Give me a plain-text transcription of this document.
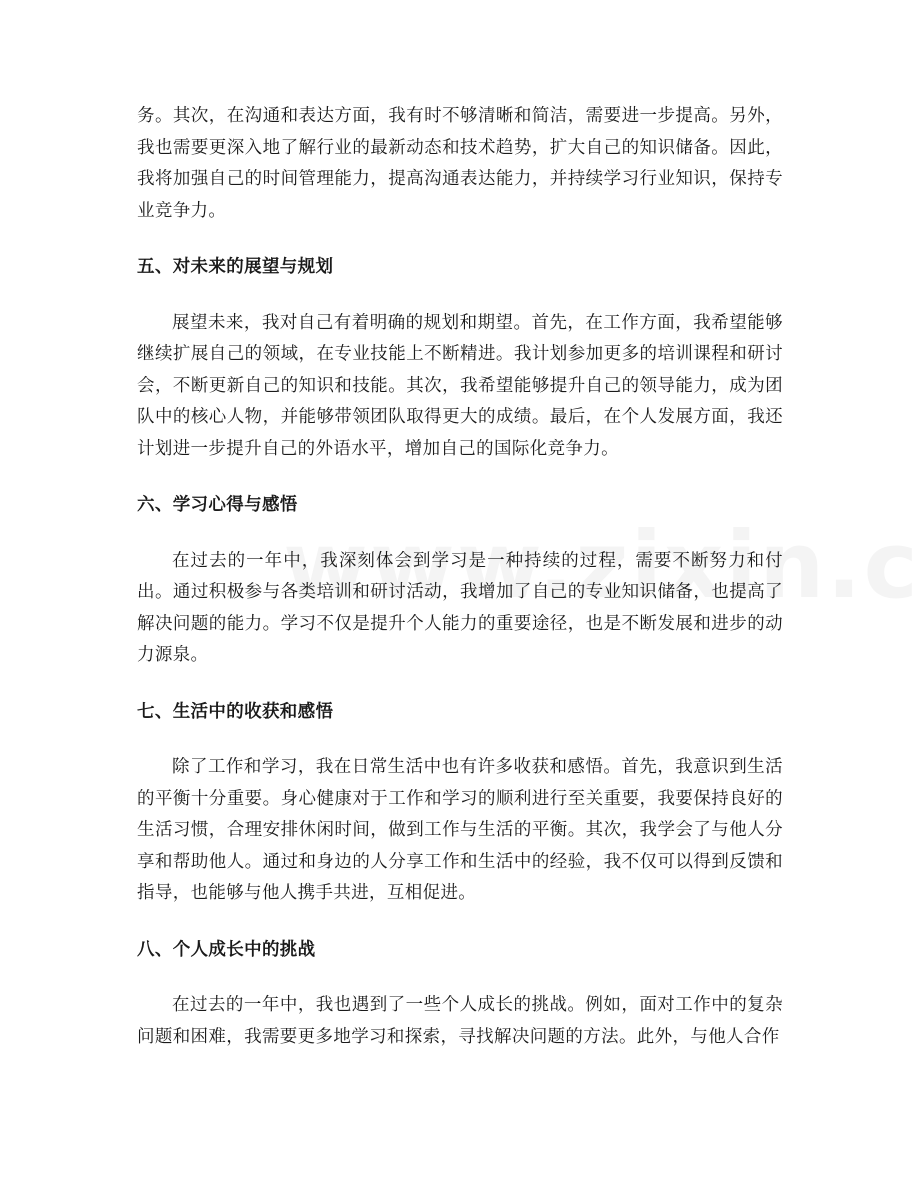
务。其次，在沟通和表达方面，我有时不够清晰和简洁，需要进一步提高。另外，我也需要更深入地了解行业的最新动态和技术趋势，扩大自己的知识储备。因此，我将加强自己的时间管理能力，提高沟通表达能力，并持续学习行业知识，保持专业竞争力。

五、对未来的展望与规划

展望未来，我对自己有着明确的规划和期望。首先，在工作方面，我希望能够继续扩展自己的领域，在专业技能上不断精进。我计划参加更多的培训课程和研讨会，不断更新自己的知识和技能。其次，我希望能够提升自己的领导能力，成为团队中的核心人物，并能够带领团队取得更大的成绩。最后，在个人发展方面，我还计划进一步提升自己的外语水平，增加自己的国际化竞争力。

六、学习心得与感悟

在过去的一年中，我深刻体会到学习是一种持续的过程，需要不断努力和付出。通过积极参与各类培训和研讨活动，我增加了自己的专业知识储备，也提高了解决问题的能力。学习不仅是提升个人能力的重要途径，也是不断发展和进步的动力源泉。

七、生活中的收获和感悟

除了工作和学习，我在日常生活中也有许多收获和感悟。首先，我意识到生活的平衡十分重要。身心健康对于工作和学习的顺利进行至关重要，我要保持良好的生活习惯，合理安排休闲时间，做到工作与生活的平衡。其次，我学会了与他人分享和帮助他人。通过和身边的人分享工作和生活中的经验，我不仅可以得到反馈和指导，也能够与他人携手共进，互相促进。

八、个人成长中的挑战

在过去的一年中，我也遇到了一些个人成长的挑战。例如，面对工作中的复杂问题和困难，我需要更多地学习和探索，寻找解决问题的方法。此外，与他人合作
